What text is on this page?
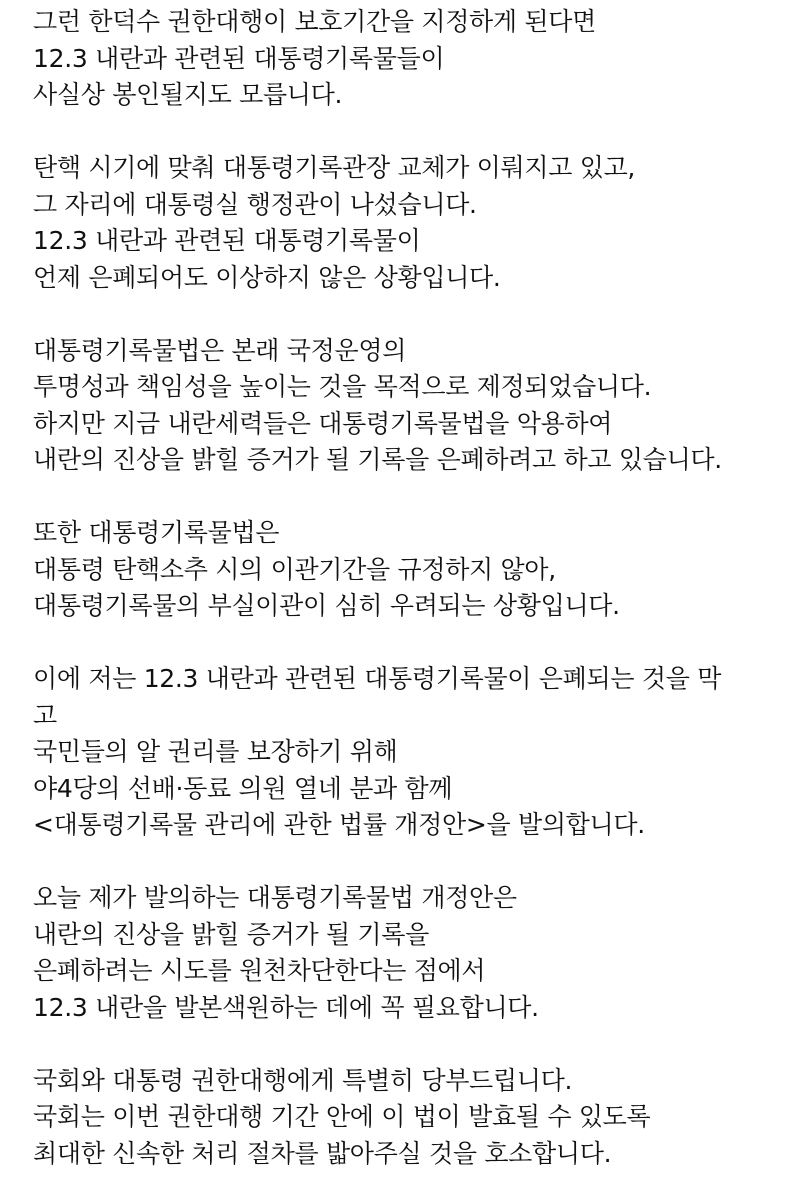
그런 한덕수 권한대행이 보호기간을 지정하게 된다면
12.3 내란과 관련된 대통령기록물들이
사실상 봉인될지도 모릅니다.
탄핵 시기에 맞춰 대통령기록관장 교체가 이뤄지고 있고,
그 자리에 대통령실 행정관이 나섰습니다.
12.3 내란과 관련된 대통령기록물이
언제 은폐되어도 이상하지 않은 상황입니다.
대통령기록물법은 본래 국정운영의
투명성과 책임성을 높이는 것을 목적으로 제정되었습니다.
하지만 지금 내란세력들은 대통령기록물법을 악용하여
내란의 진상을 밝힐 증거가 될 기록을 은폐하려고 하고 있습니다.
또한 대통령기록물법은
대통령 탄핵소추 시의 이관기간을 규정하지 않아,
대통령기록물의 부실이관이 심히 우려되는 상황입니다.
이에 저는 12.3 내란과 관련된 대통령기록물이 은폐되는 것을 막
고
국민들의 알 권리를 보장하기 위해
야4당의 선배·동료 의원 열네 분과 함께
<대통령기록물 관리에 관한 법률 개정안>을 발의합니다.
오늘 제가 발의하는 대통령기록물법 개정안은
내란의 진상을 밝힐 증거가 될 기록을
은폐하려는 시도를 원천차단한다는 점에서
12.3 내란을 발본색원하는 데에 꼭 필요합니다.
국회와 대통령 권한대행에게 특별히 당부드립니다.
국회는 이번 권한대행 기간 안에 이 법이 발효될 수 있도록
최대한 신속한 처리 절차를 밟아주실 것을 호소합니다.
